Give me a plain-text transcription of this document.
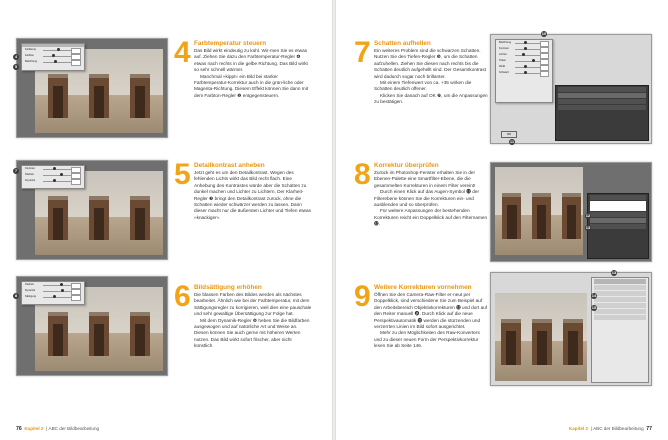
Farbtemp.
Farbton
Belichtung
4
5	4 Farbtemperatur steuern

Das Bild wirkt eindeutig zu kühl. Wir-men Sie es etwas auf. Ziehen Sie dazu den Farbtemperatur-Regler ❹ etwas nach rechts in die gelbe Richtung. Das Bild wirkt so sehr schnell wärmer.

Manchmal »kippt« ein Bild bei starker Farbtemperatur-Korrektur auch in die grün-liche oder Magenta-Richtung. Diesem Effekt können Sie dann mit dem Farbton-Regler ❺ entgegensteuern.

Kontrast
Klarheit
Dynamik
7	5 Detailkontrast anheben

Jetzt geht es um den Detailkontrast. Wegen des fehlenden Lichts wirkt das Bild recht flach. Eine Anhebung des Kontrastes würde aber die Schatten zu dunkel machen und Lichter zu Lichtern. Der Klarheit-Regler ❼ bringt den Detailkontrast zurück, ohne die Schatten wieder schwärzer werden zu lassen. Dann dieser macht nur die äußersten Lichter und Tiefen etwas »knackiger«.

Klarheit
Dynamik
Sättigung
8	6 Bildsättigung erhöhen

Die blassen Farben des Bildes werden als nächstes bearbeitet. Ähnlich wie bei der Farbtemperatur, mit dem Sättigungsregler zu korrigieren, weil dies eine pauschale und sehr gewaltige Übersättigung zur Folge hat.

Mit dem Dynamik-Regler ❽ heben Sie die Bildfarben ausgewogen und auf natürliche Art und Weise an. Diesen können Sie auch gerne mit höheren Werten nutzen. Das Bild wirkt sofort frischer, aber nicht künstlich.

76 Kapitel 2  | ABC der Bildbearbeitung
7 Schatten aufhellen

Ein weiteres Problem sind die schwarzen Schatten. Nutzen Sie den Tiefen-Regler ❾, um die Schatten aufzuhellen. Ziehen Sie diesen nach rechts bis die Schatten deutlich aufgehellt sind. Der Gesamtkontrast wird dadurch sogar noch brillanter.

Mit einem Tiefenwert von ca. +35 wirken die Schatten deutlich offener.

Klicken Sie danach auf OK ❿, um die Anpassungen zu bestätigen.

Belichtung
Kontrast
Lichter
Tiefen
Weiß
Schwarz
OK
10
11
8 Korrektur überprüfen

Zurück im Photoshop-Fenster erhalten Sie in der Ebenen-Palette eine Smartfilter-Ebene, die die gesammelten Korrekturen in einem Filter vereint!

Durch einen Klick auf das Augen-Symbol ⓫ der Filterebene können Sie die Korrekturen ein- und ausblenden und so überprüfen.

Für weitere Anpassungen der bestehenden Korrekturen reicht ein Doppelklick auf den Filternamen ⓬.

12
13
9 Weitere Korrekturen vornehmen

Öffnen Sie den Camera-Raw-Filter er-neut per Doppelklick, sind verschiedene Sie zum Beispiel auf den Arbeitsbereich Objektivkorrekturen ⓭ und dort auf den Reiter manuell ⓮. Durch Klick auf die neue Perspektivautomatik ⓯ werden die stürzenden und verzerrten Linien im Bild sofort ausgerichtet.

Mehr zu den Möglichkeiten des Raw-Konverters und zu dieser neuen Form der Perspektivkorrektur lesen Sie ab Seite 146.

13
14
15
Kapitel 2  | ABC der Bildbearbeitung 77
